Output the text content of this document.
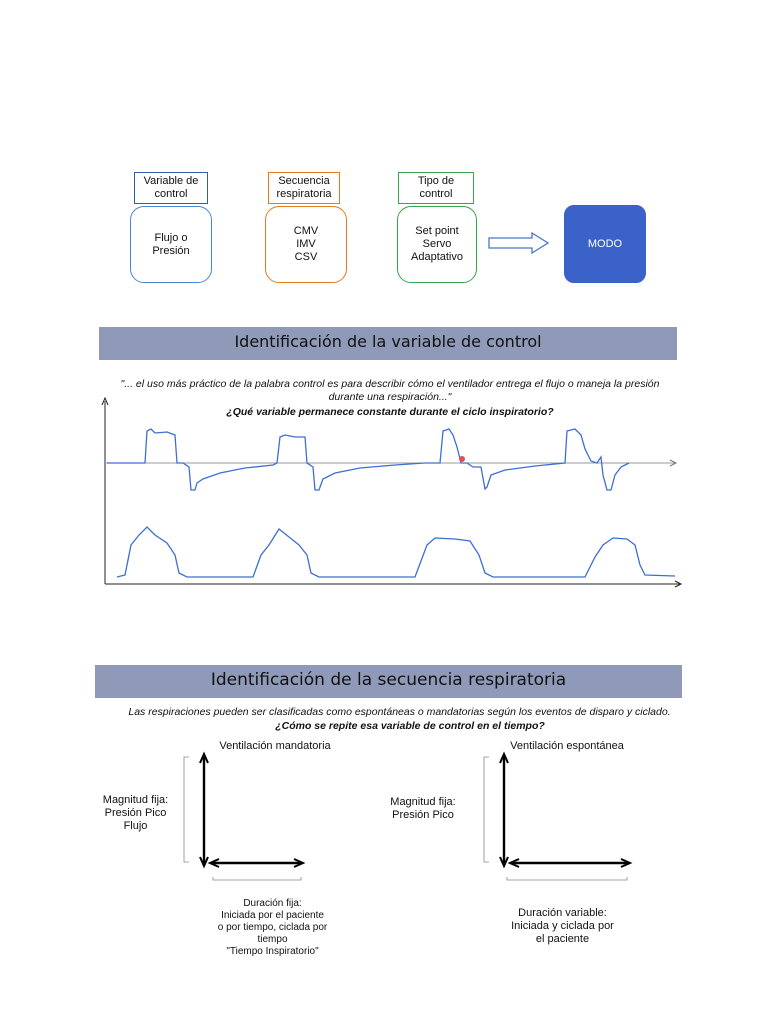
Variable de
control
Secuencia
respiratoria
Tipo de
control
Flujo o
Presión
CMV
IMV
CSV
Set point
Servo
Adaptativo
MODO
Identificación de la variable de control
"... el uso más práctico de la palabra control es para describir cómo el ventilador entrega el flujo o maneja la presión durante una respiración..."
¿Qué variable permanece constante durante el ciclo inspiratorio?
Identificación de la secuencia respiratoria
Las respiraciones pueden ser clasificadas como espontáneas o mandatorias según los eventos de disparo y ciclado.
¿Cómo se repite esa variable de control en el tiempo?
Ventilación mandatoria
Magnitud fija:
Presión Pico
Flujo
Duración fija:
Iniciada por el paciente
o por tiempo, ciclada por
tiempo
"Tiempo Inspiratorio"
Ventilación espontánea
Magnitud fija:
Presión Pico
Duración variable:
Iniciada y ciclada por
el paciente
